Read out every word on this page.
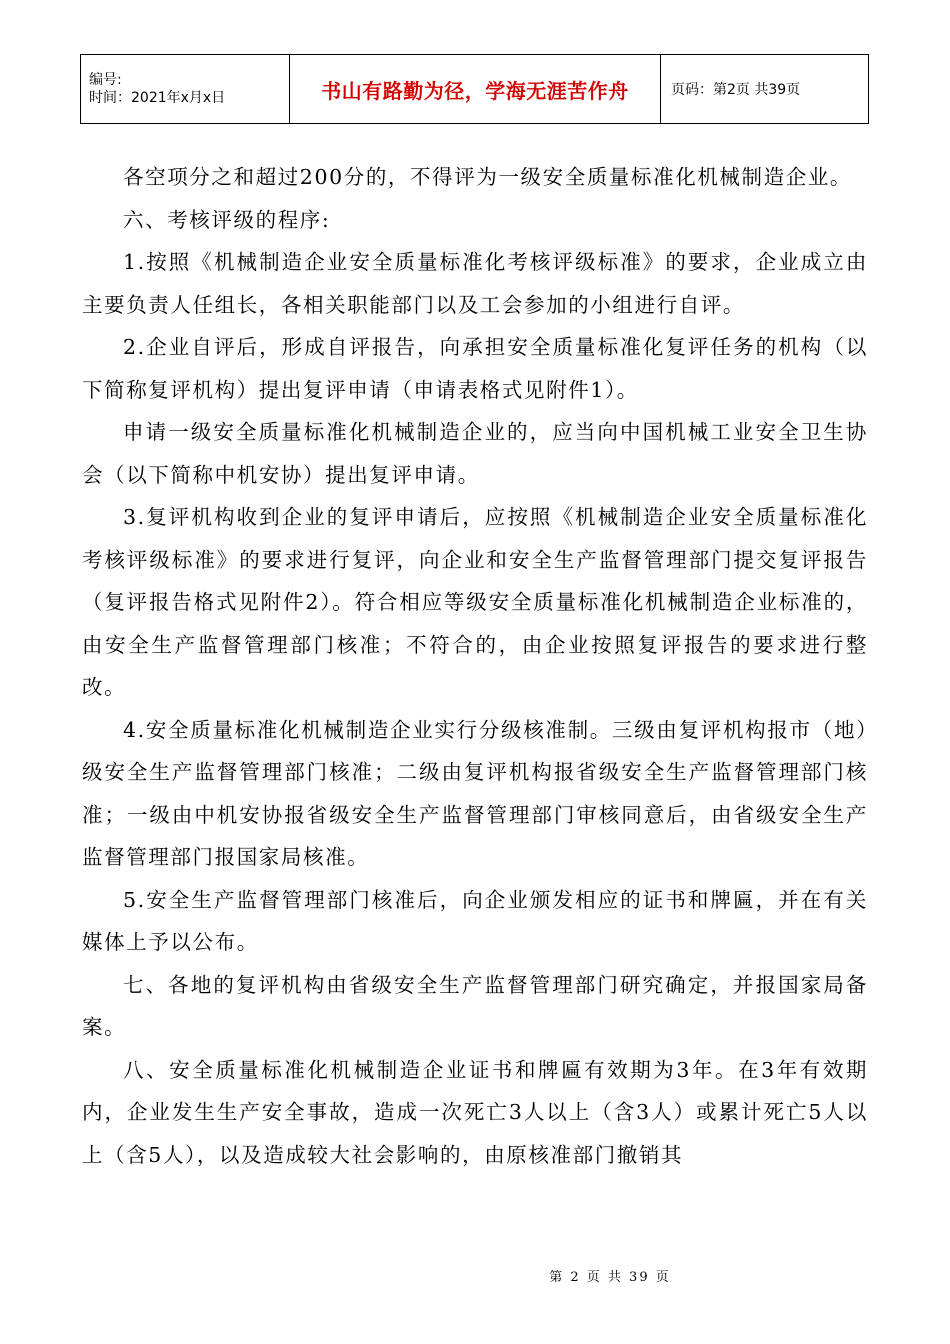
编号:
时间：2021年x月x日	书山有路勤为径，学海无涯苦作舟	页码：第2页 共39页

各空项分之和超过200分的，不得评为一级安全质量标准化机械制造企业。

六、考核评级的程序:

1.按照《机械制造企业安全质量标准化考核评级标准》的要求，企业成立由主要负责人任组长，各相关职能部门以及工会参加的小组进行自评。

2.企业自评后，形成自评报告，向承担安全质量标准化复评任务的机构（以下简称复评机构）提出复评申请（申请表格式见附件1）。

申请一级安全质量标准化机械制造企业的，应当向中国机械工业安全卫生协会（以下简称中机安协）提出复评申请。

3.复评机构收到企业的复评申请后，应按照《机械制造企业安全质量标准化考核评级标准》的要求进行复评，向企业和安全生产监督管理部门提交复评报告（复评报告格式见附件2）。符合相应等级安全质量标准化机械制造企业标准的，由安全生产监督管理部门核准；不符合的，由企业按照复评报告的要求进行整改。

4.安全质量标准化机械制造企业实行分级核准制。三级由复评机构报市（地）级安全生产监督管理部门核准；二级由复评机构报省级安全生产监督管理部门核准；一级由中机安协报省级安全生产监督管理部门审核同意后，由省级安全生产监督管理部门报国家局核准。

5.安全生产监督管理部门核准后，向企业颁发相应的证书和牌匾，并在有关媒体上予以公布。

七、各地的复评机构由省级安全生产监督管理部门研究确定，并报国家局备案。

八、安全质量标准化机械制造企业证书和牌匾有效期为3年。在3年有效期内，企业发生生产安全事故，造成一次死亡3人以上（含3人）或累计死亡5人以上（含5人），以及造成较大社会影响的，由原核准部门撤销其

第 2 页 共 39 页
